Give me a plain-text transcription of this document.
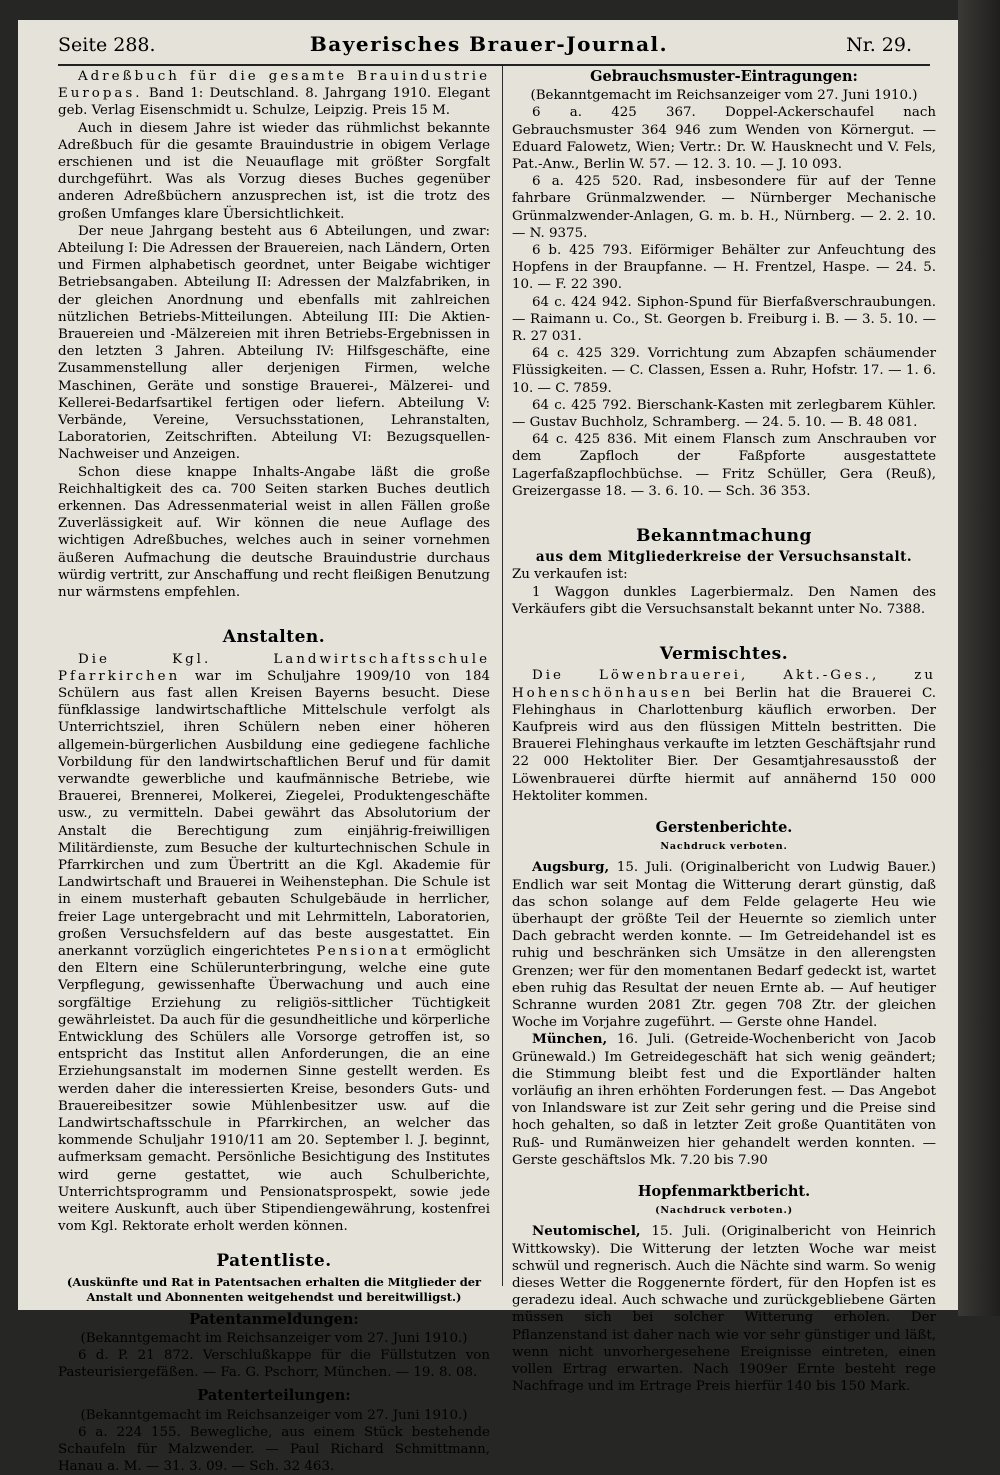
Seite 288.	Bayerisches Brauer-Journal.	Nr. 29.

Adreßbuch für die gesamte Brauindustrie Europas. Band 1: Deutschland. 8. Jahrgang 1910. Elegant geb. Verlag Eisenschmidt u. Schulze, Leipzig. Preis 15 M.

Auch in diesem Jahre ist wieder das rühmlichst bekannte Adreßbuch für die gesamte Brauindustrie in obigem Verlage erschienen und ist die Neuauflage mit größter Sorgfalt durchgeführt. Was als Vorzug dieses Buches gegenüber anderen Adreßbüchern anzusprechen ist, ist die trotz des großen Umfanges klare Übersichtlichkeit.

Der neue Jahrgang besteht aus 6 Abteilungen, und zwar: Abteilung I: Die Adressen der Brauereien, nach Ländern, Orten und Firmen alphabetisch geordnet, unter Beigabe wichtiger Betriebsangaben. Abteilung II: Adressen der Malzfabriken, in der gleichen Anordnung und ebenfalls mit zahlreichen nützlichen Betriebs-Mitteilungen. Abteilung III: Die Aktien-Brauereien und -Mälzereien mit ihren Betriebs-Ergebnissen in den letzten 3 Jahren. Abteilung IV: Hilfsgeschäfte, eine Zusammenstellung aller derjenigen Firmen, welche Maschinen, Geräte und sonstige Brauerei-, Mälzerei- und Kellerei-Bedarfsartikel fertigen oder liefern. Abteilung V: Verbände, Vereine, Versuchsstationen, Lehranstalten, Laboratorien, Zeitschriften. Abteilung VI: Bezugsquellen-Nachweiser und Anzeigen.

Schon diese knappe Inhalts-Angabe läßt die große Reichhaltigkeit des ca. 700 Seiten starken Buches deutlich erkennen. Das Adressenmaterial weist in allen Fällen große Zuverlässigkeit auf. Wir können die neue Auflage des wichtigen Adreßbuches, welches auch in seiner vornehmen äußeren Aufmachung die deutsche Brauindustrie durchaus würdig vertritt, zur Anschaffung und recht fleißigen Benutzung nur wärmstens empfehlen.

Anstalten.

Die Kgl. Landwirtschaftsschule Pfarrkirchen war im Schuljahre 1909/10 von 184 Schülern aus fast allen Kreisen Bayerns besucht. Diese fünfklassige landwirtschaftliche Mittelschule verfolgt als Unterrichtsziel, ihren Schülern neben einer höheren allgemein-bürgerlichen Ausbildung eine gediegene fachliche Vorbildung für den landwirtschaftlichen Beruf und für damit verwandte gewerbliche und kaufmännische Betriebe, wie Brauerei, Brennerei, Molkerei, Ziegelei, Produktengeschäfte usw., zu vermitteln. Dabei gewährt das Absolutorium der Anstalt die Berechtigung zum einjährig-freiwilligen Militärdienste, zum Besuche der kulturtechnischen Schule in Pfarrkirchen und zum Übertritt an die Kgl. Akademie für Landwirtschaft und Brauerei in Weihenstephan. Die Schule ist in einem musterhaft gebauten Schulgebäude in herrlicher, freier Lage untergebracht und mit Lehrmitteln, Laboratorien, großen Versuchsfeldern auf das beste ausgestattet. Ein anerkannt vorzüglich eingerichtetes Pensionat ermöglicht den Eltern eine Schülerunterbringung, welche eine gute Verpflegung, gewissenhafte Überwachung und auch eine sorgfältige Erziehung zu religiös-sittlicher Tüchtigkeit gewährleistet. Da auch für die gesundheitliche und körperliche Entwicklung des Schülers alle Vorsorge getroffen ist, so entspricht das Institut allen Anforderungen, die an eine Erziehungsanstalt im modernen Sinne gestellt werden. Es werden daher die interessierten Kreise, besonders Guts- und Brauereibesitzer sowie Mühlenbesitzer usw. auf die Landwirtschaftsschule in Pfarrkirchen, an welcher das kommende Schuljahr 1910/11 am 20. September l. J. beginnt, aufmerksam gemacht. Persönliche Besichtigung des Institutes wird gerne gestattet, wie auch Schulberichte, Unterrichtsprogramm und Pensionatsprospekt, sowie jede weitere Auskunft, auch über Stipendiengewährung, kostenfrei vom Kgl. Rektorate erholt werden können.

Patentliste.
(Auskünfte und Rat in Patentsachen erhalten die Mitglieder der Anstalt und Abonnenten weitgehendst und bereitwilligst.)
Patentanmeldungen:
(Bekanntgemacht im Reichsanzeiger vom 27. Juni 1910.)

6 d. P. 21 872. Verschlußkappe für die Füllstutzen von Pasteurisiergefäßen. — Fa. G. Pschorr, München. — 19. 8. 08.

Patenterteilungen:
(Bekanntgemacht im Reichsanzeiger vom 27. Juni 1910.)

6 a. 224 155. Bewegliche, aus einem Stück bestehende Schaufeln für Malzwender. — Paul Richard Schmittmann, Hanau a. M. — 31. 3. 09. — Sch. 32 463.

Gebrauchsmuster-Eintragungen:
(Bekanntgemacht im Reichsanzeiger vom 27. Juni 1910.)

6 a. 425 367. Doppel-Ackerschaufel nach Gebrauchsmuster 364 946 zum Wenden von Körnergut. — Eduard Falowetz, Wien; Vertr.: Dr. W. Hausknecht und V. Fels, Pat.-Anw., Berlin W. 57. — 12. 3. 10. — J. 10 093.

6 a. 425 520. Rad, insbesondere für auf der Tenne fahrbare Grünmalzwender. — Nürnberger Mechanische Grünmalzwender-Anlagen, G. m. b. H., Nürnberg. — 2. 2. 10. — N. 9375.

6 b. 425 793. Eiförmiger Behälter zur Anfeuchtung des Hopfens in der Braupfanne. — H. Frentzel, Haspe. — 24. 5. 10. — F. 22 390.

64 c. 424 942. Siphon-Spund für Bierfaßverschraubungen. — Raimann u. Co., St. Georgen b. Freiburg i. B. — 3. 5. 10. — R. 27 031.

64 c. 425 329. Vorrichtung zum Abzapfen schäumender Flüssigkeiten. — C. Classen, Essen a. Ruhr, Hofstr. 17. — 1. 6. 10. — C. 7859.

64 c. 425 792. Bierschank-Kasten mit zerlegbarem Kühler. — Gustav Buchholz, Schramberg. — 24. 5. 10. — B. 48 081.

64 c. 425 836. Mit einem Flansch zum Anschrauben vor dem Zapfloch der Faßpforte ausgestattete Lagerfaßzapflochbüchse. — Fritz Schüller, Gera (Reuß), Greizergasse 18. — 3. 6. 10. — Sch. 36 353.

Bekanntmachung
aus dem Mitgliederkreise der Versuchsanstalt.

Zu verkaufen ist:

1 Waggon dunkles Lagerbiermalz. Den Namen des Verkäufers gibt die Versuchsanstalt bekannt unter No. 7388.

Vermischtes.

Die Löwenbrauerei, Akt.-Ges., zu Hohenschönhausen bei Berlin hat die Brauerei C. Flehinghaus in Charlottenburg käuflich erworben. Der Kaufpreis wird aus den flüssigen Mitteln bestritten. Die Brauerei Flehinghaus verkaufte im letzten Geschäftsjahr rund 22 000 Hektoliter Bier. Der Gesamtjahresausstoß der Löwenbrauerei dürfte hiermit auf annähernd 150 000 Hektoliter kommen.

Gerstenberichte.
Nachdruck verboten.

Augsburg, 15. Juli. (Originalbericht von Ludwig Bauer.) Endlich war seit Montag die Witterung derart günstig, daß das schon solange auf dem Felde gelagerte Heu wie überhaupt der größte Teil der Heuernte so ziemlich unter Dach gebracht werden konnte. — Im Getreidehandel ist es ruhig und beschränken sich Umsätze in den allerengsten Grenzen; wer für den momentanen Bedarf gedeckt ist, wartet eben ruhig das Resultat der neuen Ernte ab. — Auf heutiger Schranne wurden 2081 Ztr. gegen 708 Ztr. der gleichen Woche im Vorjahre zugeführt. — Gerste ohne Handel.

München, 16. Juli. (Getreide-Wochenbericht von Jacob Grünewald.) Im Getreidegeschäft hat sich wenig geändert; die Stimmung bleibt fest und die Exportländer halten vorläufig an ihren erhöhten Forderungen fest. — Das Angebot von Inlandsware ist zur Zeit sehr gering und die Preise sind hoch gehalten, so daß in letzter Zeit große Quantitäten von Ruß- und Rumänweizen hier gehandelt werden konnten. — Gerste geschäftslos Mk. 7.20 bis 7.90

Hopfenmarktbericht.
(Nachdruck verboten.)

Neutomischel, 15. Juli. (Originalbericht von Heinrich Wittkowsky). Die Witterung der letzten Woche war meist schwül und regnerisch. Auch die Nächte sind warm. So wenig dieses Wetter die Roggenernte fördert, für den Hopfen ist es geradezu ideal. Auch schwache und zurückgebliebene Gärten müssen sich bei solcher Witterung erholen. Der Pflanzenstand ist daher nach wie vor sehr günstiger und läßt, wenn nicht unvorhergesehene Ereignisse eintreten, einen vollen Ertrag erwarten. Nach 1909er Ernte besteht rege Nachfrage und im Ertrage Preis hierfür 140 bis 150 Mark.
